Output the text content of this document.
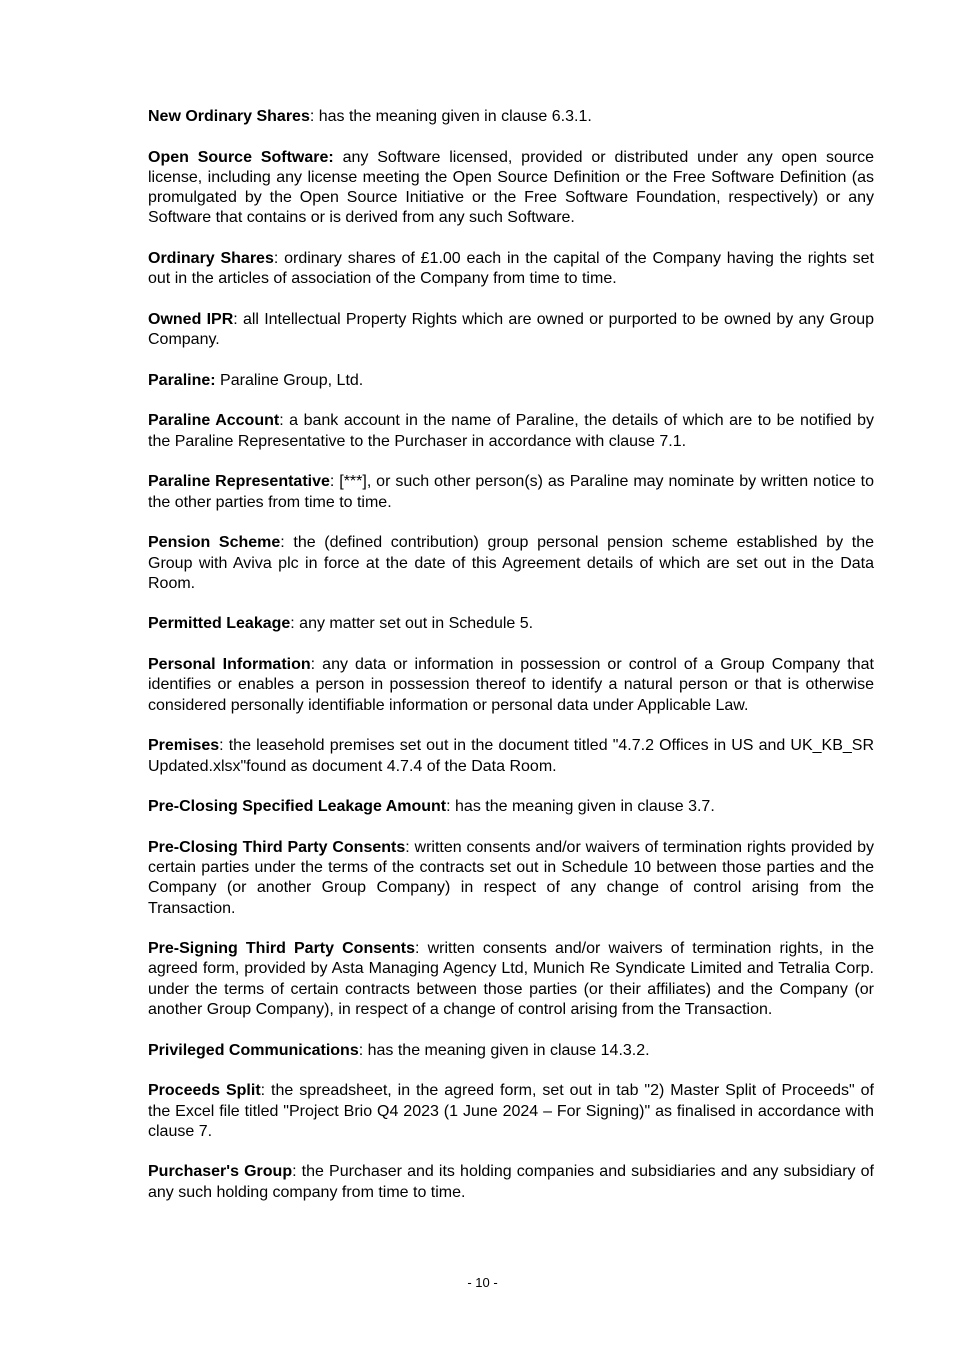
New Ordinary Shares: has the meaning given in clause 6.3.1.

Open Source Software: any Software licensed, provided or distributed under any open source license, including any license meeting the Open Source Definition or the Free Software Definition (as promulgated by the Open Source Initiative or the Free Software Foundation, respectively) or any Software that contains or is derived from any such Software.

Ordinary Shares: ordinary shares of £1.00 each in the capital of the Company having the rights set out in the articles of association of the Company from time to time.

Owned IPR: all Intellectual Property Rights which are owned or purported to be owned by any Group Company.

Paraline: Paraline Group, Ltd.

Paraline Account: a bank account in the name of Paraline, the details of which are to be notified by the Paraline Representative to the Purchaser in accordance with clause 7.1.

Paraline Representative: [***], or such other person(s) as Paraline may nominate by written notice to the other parties from time to time.

Pension Scheme: the (defined contribution) group personal pension scheme established by the Group with Aviva plc in force at the date of this Agreement details of which are set out in the Data Room.

Permitted Leakage: any matter set out in Schedule 5.

Personal Information: any data or information in possession or control of a Group Company that identifies or enables a person in possession thereof to identify a natural person or that is otherwise considered personally identifiable information or personal data under Applicable Law.

Premises: the leasehold premises set out in the document titled "4.7.2 Offices in US and UK_KB_SR Updated.xlsx"found as document 4.7.4 of the Data Room.

Pre-Closing Specified Leakage Amount: has the meaning given in clause 3.7.

Pre-Closing Third Party Consents: written consents and/or waivers of termination rights provided by certain parties under the terms of the contracts set out in Schedule 10 between those parties and the Company (or another Group Company) in respect of any change of control arising from the Transaction.

Pre-Signing Third Party Consents: written consents and/or waivers of termination rights, in the agreed form, provided by Asta Managing Agency Ltd, Munich Re Syndicate Limited and Tetralia Corp. under the terms of certain contracts between those parties (or their affiliates) and the Company (or another Group Company), in respect of a change of control arising from the Transaction.

Privileged Communications: has the meaning given in clause 14.3.2.

Proceeds Split: the spreadsheet, in the agreed form, set out in tab "2) Master Split of Proceeds" of the Excel file titled "Project Brio Q4 2023 (1 June 2024 – For Signing)" as finalised in accordance with clause 7.

Purchaser's Group: the Purchaser and its holding companies and subsidiaries and any subsidiary of any such holding company from time to time.

- 10 -
